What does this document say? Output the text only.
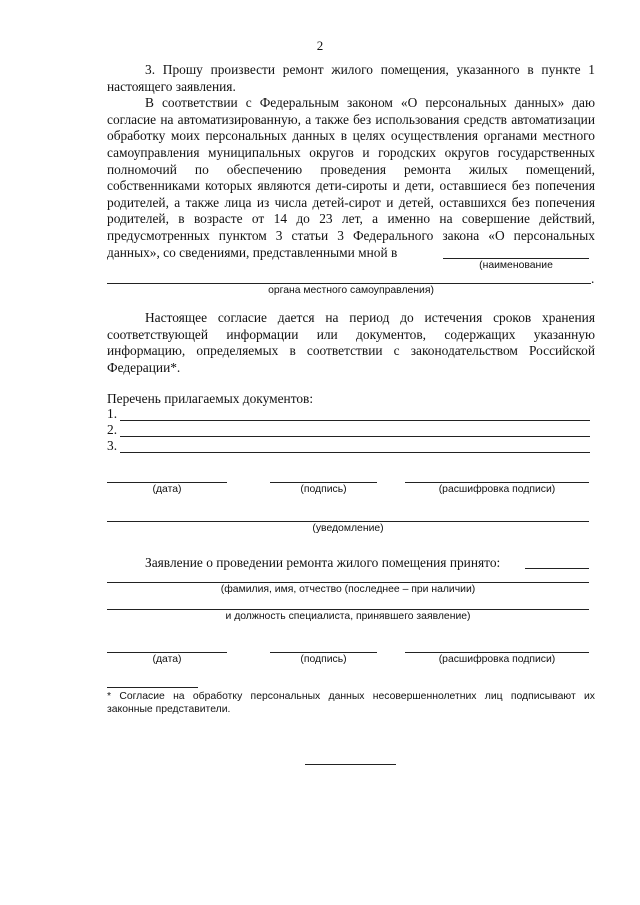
2

3. Прошу произвести ремонт жилого помещения, указанного в пункте 1 настоящего заявления.

В соответствии с Федеральным законом «О персональных данных» даю согласие на автоматизированную, а также без использования средств автоматизации обработку моих персональных данных в целях осуществления органами местного самоуправления муниципальных округов и городских округов государственных полномочий по обеспечению проведения ремонта жилых помещений, собственниками которых являются дети-сироты и дети, оставшиеся без попечения родителей, а также лица из числа детей-сирот и детей, оставшихся без попечения родителей, в возрасте от 14 до 23 лет, а именно на совершение действий, предусмотренных пунктом 3 статьи 3 Федерального закона «О персональных данных», со сведениями, представленными мной в

(наименование
.
органа местного самоуправления)

Настоящее согласие дается на период до истечения сроков хранения соответствующей информации или документов, содержащих указанную информацию, определяемых в соответствии с законодательством Российской Федерации*.

Перечень прилагаемых документов:
1.
2.
3.
(дата)	(подпись)	(расшифровка подписи)
(уведомление)
Заявление о проведении ремонта жилого помещения принято:
(фамилия, имя, отчество (последнее – при наличии)
и должность специалиста, принявшего заявление)
(дата)	(подпись)	(расшифровка подписи)
* Согласие на обработку персональных данных несовершеннолетних лиц подписывают их законные представители.
